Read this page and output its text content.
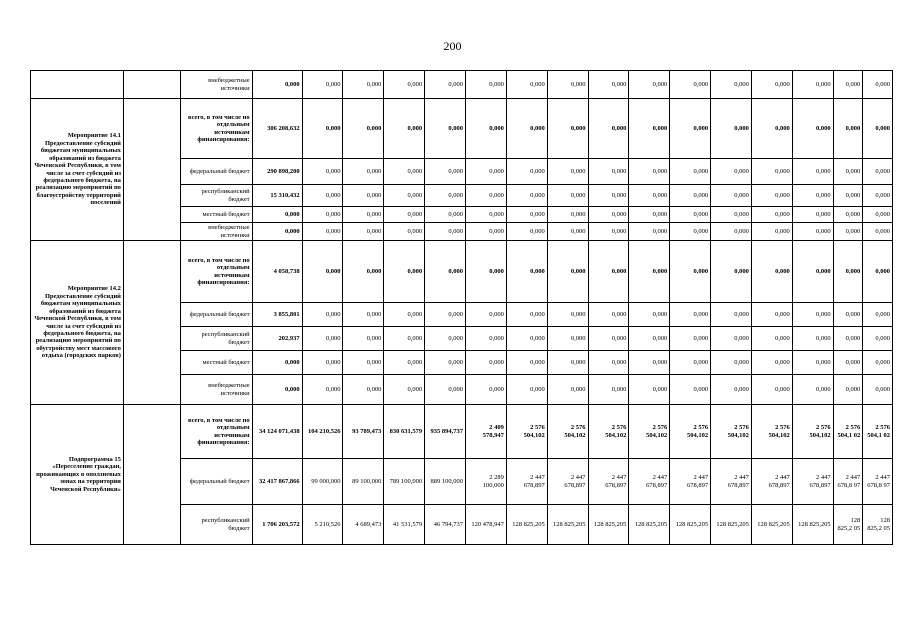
200
		внебюджетные источники	0,000	0,000	0,000	0,000	0,000	0,000	0,000	0,000	0,000	0,000	0,000	0,000	0,000	0,000	0,000	0,000
Мероприятие 14.1 Предоставление субсидий бюджетам муниципальных образований из бюджета Чеченской Республики, в том числе за счет субсидий из федерального бюджета, на реализацию мероприятий по благоустройству территорий поселений		всего, в том числе по отдельным источникам финансирования:	306 208,632	0,000	0,000	0,000	0,000	0,000	0,000	0,000	0,000	0,000	0,000	0,000	0,000	0,000	0,000	0,000
		федеральный бюджет	290 898,200	0,000	0,000	0,000	0,000	0,000	0,000	0,000	0,000	0,000	0,000	0,000	0,000	0,000	0,000	0,000
		республиканский бюджет	15 310,432	0,000	0,000	0,000	0,000	0,000	0,000	0,000	0,000	0,000	0,000	0,000	0,000	0,000	0,000	0,000
		местный бюджет	0,000	0,000	0,000	0,000	0,000	0,000	0,000	0,000	0,000	0,000	0,000	0,000	0,000	0,000	0,000	0,000
		внебюджетные источники	0,000	0,000	0,000	0,000	0,000	0,000	0,000	0,000	0,000	0,000	0,000	0,000	0,000	0,000	0,000	0,000
Мероприятие 14.2 Предоставление субсидий бюджетам муниципальных образований из бюджета Чеченской Республики, в том числе за счет субсидий из федерального бюджета, на реализацию мероприятий по обустройству мест массового отдыха (городских парков)		всего, в том числе по отдельным источникам финансирования:	4 058,738	0,000	0,000	0,000	0,000	0,000	0,000	0,000	0,000	0,000	0,000	0,000	0,000	0,000	0,000	0,000
		федеральный бюджет	3 855,801	0,000	0,000	0,000	0,000	0,000	0,000	0,000	0,000	0,000	0,000	0,000	0,000	0,000	0,000	0,000
		республиканский бюджет	202,937	0,000	0,000	0,000	0,000	0,000	0,000	0,000	0,000	0,000	0,000	0,000	0,000	0,000	0,000	0,000
		местный бюджет	0,000	0,000	0,000	0,000	0,000	0,000	0,000	0,000	0,000	0,000	0,000	0,000	0,000	0,000	0,000	0,000
		внебюджетные источники	0,000	0,000	0,000	0,000	0,000	0,000	0,000	0,000	0,000	0,000	0,000	0,000	0,000	0,000	0,000	0,000
Подпрограмма 15 «Переселение граждан, проживающих в оползневых зонах на территории Чеченской Республики»		всего, в том числе по отдельным источникам финансирования:	34 124 071,438	104 210,526	93 789,473	830 631,579	935 894,737	2 409 578,947	2 576 504,102	2 576 504,102	2 576 504,102	2 576 504,102	2 576 504,102	2 576 504,102	2 576 504,102	2 576 504,102	2 576 504,1 02	2 576 504,1 02
		федеральный бюджет	32 417 867,866	99 000,000	89 100,000	789 100,000	889 100,000	2 289 100,000	2 447 678,897	2 447 678,897	2 447 678,897	2 447 678,897	2 447 678,897	2 447 678,897	2 447 678,897	2 447 678,897	2 447 678,8 97	2 447 678,8 97
		республиканский бюджет	1 706 203,572	5 210,526	4 689,473	41 531,579	46 794,737	120 478,947	128 825,205	128 825,205	128 825,205	128 825,205	128 825,205	128 825,205	128 825,205	128 825,205	128 825,2 05	128 825,2 05
